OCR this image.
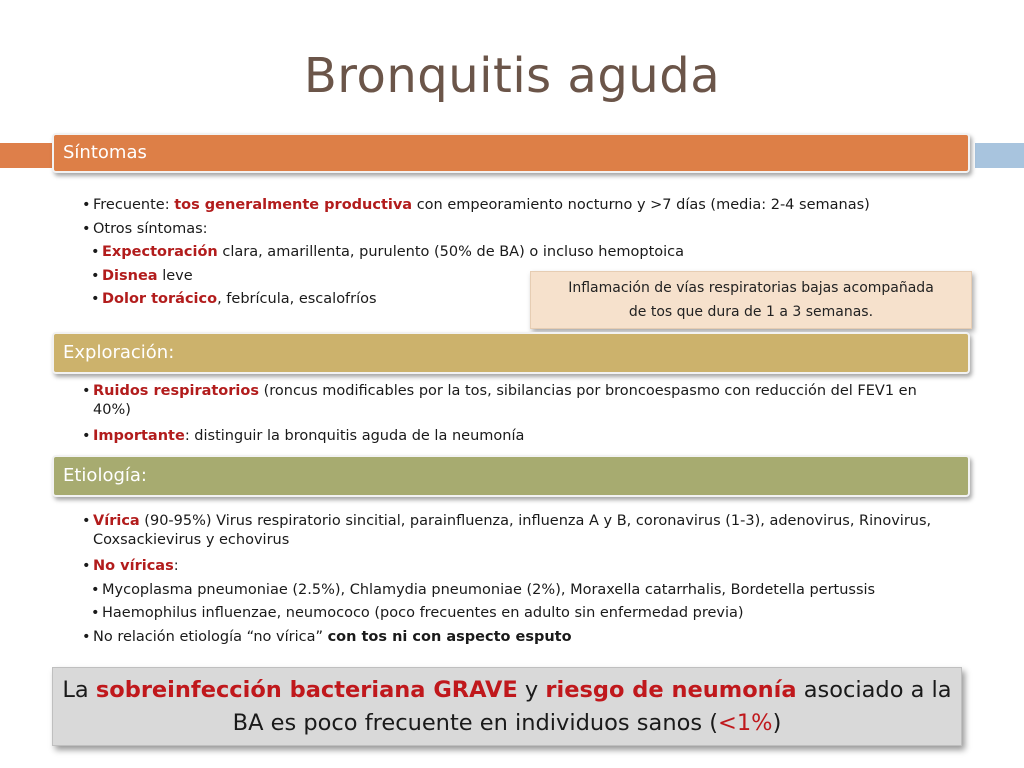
Bronquitis aguda
Síntomas
• Frecuente: tos generalmente productiva con empeoramiento nocturno y >7 días (media: 2-4 semanas)
• Otros síntomas:
• Expectoración clara, amarillenta, purulento (50% de BA) o incluso hemoptoica
• Disnea leve
• Dolor torácico, febrícula, escalofríos
Inflamación de vías respiratorias bajas acompañada
de tos que dura de 1 a 3 semanas.
Exploración:
• Ruidos respiratorios (roncus modificables por la tos, sibilancias por broncoespasmo con reducción del FEV1 en 40%)
• Importante: distinguir la bronquitis aguda de la neumonía
Etiología:
• Vírica (90-95%) Virus respiratorio sincitial, parainfluenza, influenza A y B, coronavirus (1-3), adenovirus, Rinovirus, Coxsackievirus y echovirus
• No víricas:
• Mycoplasma pneumoniae (2.5%), Chlamydia pneumoniae (2%), Moraxella catarrhalis, Bordetella pertussis
• Haemophilus influenzae, neumococo (poco frecuentes en adulto sin enfermedad previa)
• No relación etiología “no vírica” con tos ni con aspecto esputo
La sobreinfección bacteriana GRAVE y riesgo de neumonía asociado a la BA es poco frecuente en individuos sanos (<1%)
